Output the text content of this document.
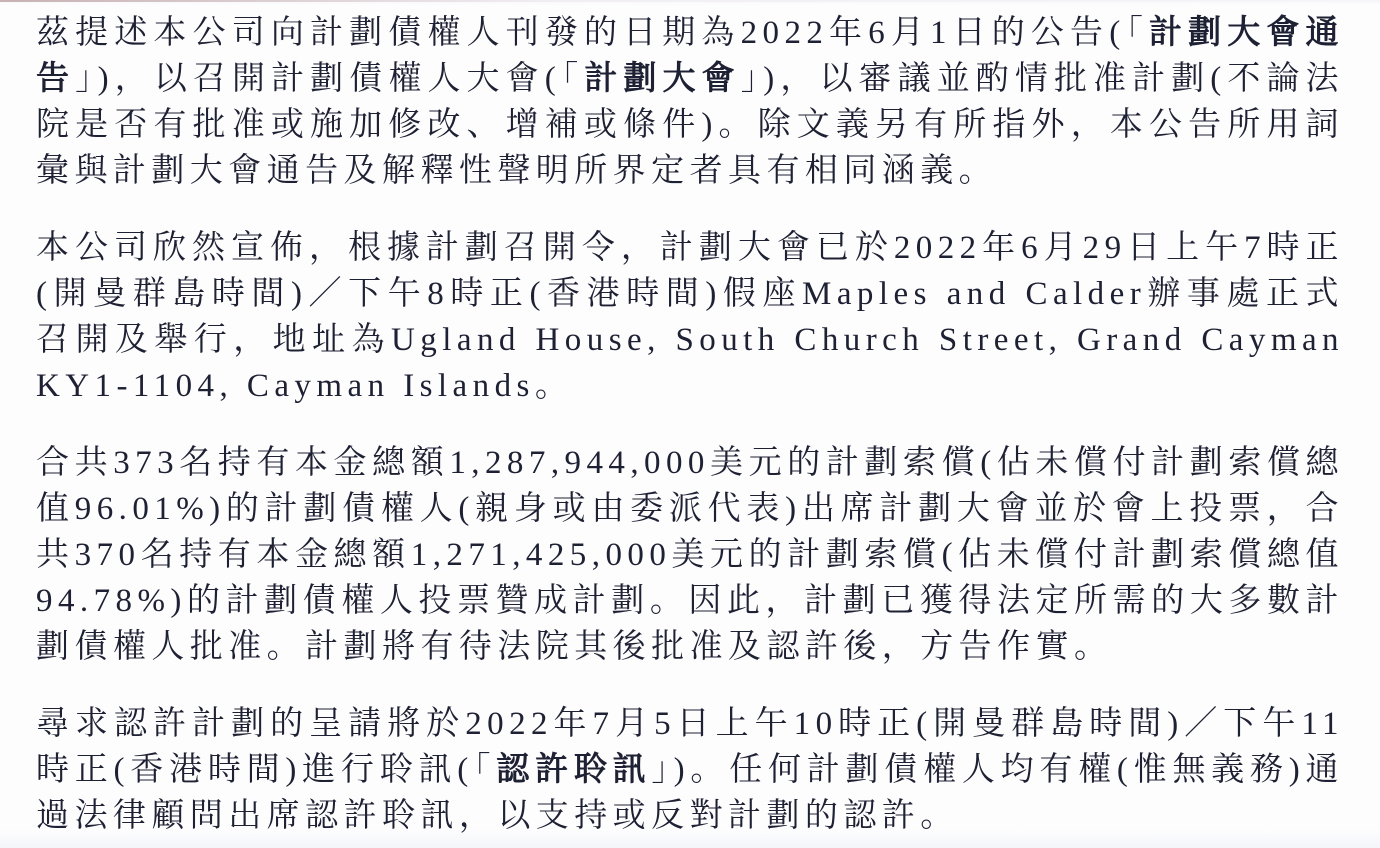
茲提述本公司向計劃債權人刊發的日期為2022年6月1日的公告(「計劃大會通告」)，以召開計劃債權人大會(「計劃大會」)，以審議並酌情批准計劃(不論法院是否有批准或施加修改、增補或條件)。除文義另有所指外，本公告所用詞彙與計劃大會通告及解釋性聲明所界定者具有相同涵義。

本公司欣然宣佈，根據計劃召開令，計劃大會已於2022年6月29日上午7時正(開曼群島時間)／下午8時正(香港時間)假座Maples and Calder辦事處正式召開及舉行，地址為Ugland House, South Church Street, Grand Cayman KY1-1104, Cayman Islands。

合共373名持有本金總額1,287,944,000美元的計劃索償(佔未償付計劃索償總值96.01%)的計劃債權人(親身或由委派代表)出席計劃大會並於會上投票，合共370名持有本金總額1,271,425,000美元的計劃索償(佔未償付計劃索償總值94.78%)的計劃債權人投票贊成計劃。因此，計劃已獲得法定所需的大多數計劃債權人批准。計劃將有待法院其後批准及認許後，方告作實。

尋求認許計劃的呈請將於2022年7月5日上午10時正(開曼群島時間)／下午11時正(香港時間)進行聆訊(「認許聆訊」)。任何計劃債權人均有權(惟無義務)通過法律顧問出席認許聆訊，以支持或反對計劃的認許。
